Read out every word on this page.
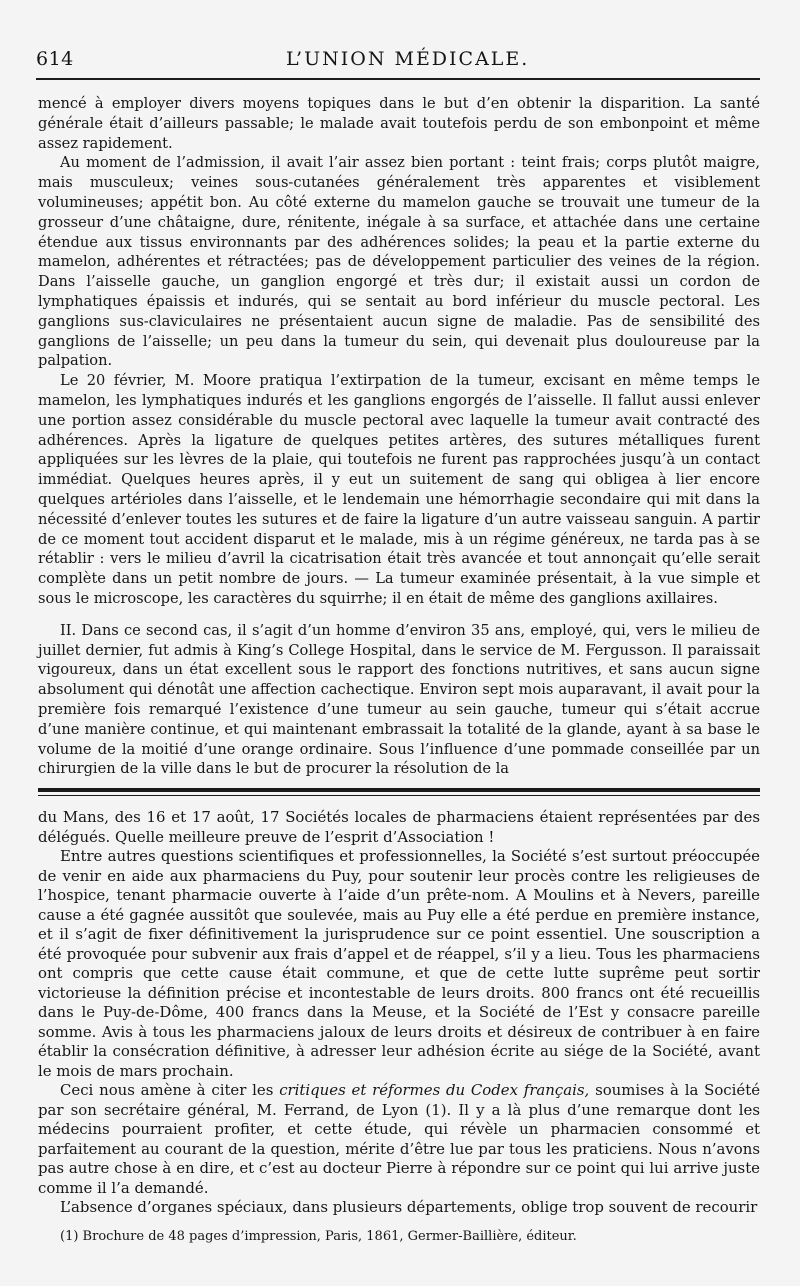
614	L’UNION MÉDICALE.

mencé à employer divers moyens topiques dans le but d’en obtenir la disparition. La santé générale était d’ailleurs passable; le malade avait toutefois perdu de son embonpoint et même assez rapidement.

Au moment de l’admission, il avait l’air assez bien portant : teint frais; corps plutôt maigre, mais musculeux; veines sous-cutanées généralement très apparentes et visiblement volumineuses; appétit bon. Au côté externe du mamelon gauche se trouvait une tumeur de la grosseur d’une châtaigne, dure, rénitente, inégale à sa surface, et attachée dans une certaine étendue aux tissus environnants par des adhérences solides; la peau et la partie externe du mamelon, adhérentes et rétractées; pas de développement particulier des veines de la région. Dans l’aisselle gauche, un ganglion engorgé et très dur; il existait aussi un cordon de lymphatiques épaissis et indurés, qui se sentait au bord inférieur du muscle pectoral. Les ganglions sus-claviculaires ne présentaient aucun signe de maladie. Pas de sensibilité des ganglions de l’aisselle; un peu dans la tumeur du sein, qui devenait plus douloureuse par la palpation.

Le 20 février, M. Moore pratiqua l’extirpation de la tumeur, excisant en même temps le mamelon, les lymphatiques indurés et les ganglions engorgés de l’aisselle. Il fallut aussi enlever une portion assez considérable du muscle pectoral avec laquelle la tumeur avait contracté des adhérences. Après la ligature de quelques petites artères, des sutures métalliques furent appliquées sur les lèvres de la plaie, qui toutefois ne furent pas rapprochées jusqu’à un contact immédiat. Quelques heures après, il y eut un suitement de sang qui obligea à lier encore quelques artérioles dans l’aisselle, et le lendemain une hémorrhagie secondaire qui mit dans la nécessité d’enlever toutes les sutures et de faire la ligature d’un autre vaisseau sanguin. A partir de ce moment tout accident disparut et le malade, mis à un régime généreux, ne tarda pas à se rétablir : vers le milieu d’avril la cicatrisation était très avancée et tout annonçait qu’elle serait complète dans un petit nombre de jours. — La tumeur examinée présentait, à la vue simple et sous le microscope, les caractères du squirrhe; il en était de même des ganglions axillaires.

II. Dans ce second cas, il s’agit d’un homme d’environ 35 ans, employé, qui, vers le milieu de juillet dernier, fut admis à King’s College Hospital, dans le service de M. Fergusson. Il paraissait vigoureux, dans un état excellent sous le rapport des fonctions nutritives, et sans aucun signe absolument qui dénotât une affection cachectique. Environ sept mois auparavant, il avait pour la première fois remarqué l’existence d’une tumeur au sein gauche, tumeur qui s’était accrue d’une manière continue, et qui maintenant embrassait la totalité de la glande, ayant à sa base le volume de la moitié d’une orange ordinaire. Sous l’influence d’une pommade conseillée par un chirurgien de la ville dans le but de procurer la résolution de la

du Mans, des 16 et 17 août, 17 Sociétés locales de pharmaciens étaient représentées par des délégués. Quelle meilleure preuve de l’esprit d’Association !

Entre autres questions scientifiques et professionnelles, la Société s’est surtout préoccupée de venir en aide aux pharmaciens du Puy, pour soutenir leur procès contre les religieuses de l’hospice, tenant pharmacie ouverte à l’aide d’un prête-nom. A Moulins et à Nevers, pareille cause a été gagnée aussitôt que soulevée, mais au Puy elle a été perdue en première instance, et il s’agit de fixer définitivement la jurisprudence sur ce point essentiel. Une souscription a été provoquée pour subvenir aux frais d’appel et de réappel, s’il y a lieu. Tous les pharmaciens ont compris que cette cause était commune, et que de cette lutte suprême peut sortir victorieuse la définition précise et incontestable de leurs droits. 800 francs ont été recueillis dans le Puy-de-Dôme, 400 francs dans la Meuse, et la Société de l’Est y consacre pareille somme. Avis à tous les pharmaciens jaloux de leurs droits et désireux de contribuer à en faire établir la consécration définitive, à adresser leur adhésion écrite au siége de la Société, avant le mois de mars prochain.

Ceci nous amène à citer les critiques et réformes du Codex français, soumises à la Société par son secrétaire général, M. Ferrand, de Lyon (1). Il y a là plus d’une remarque dont les médecins pourraient profiter, et cette étude, qui révèle un pharmacien consommé et parfaitement au courant de la question, mérite d’être lue par tous les praticiens. Nous n’avons pas autre chose à en dire, et c’est au docteur Pierre à répondre sur ce point qui lui arrive juste comme il l’a demandé.

L’absence d’organes spéciaux, dans plusieurs départements, oblige trop souvent de recourir

(1) Brochure de 48 pages d’impression, Paris, 1861, Germer-Baillière, éditeur.
